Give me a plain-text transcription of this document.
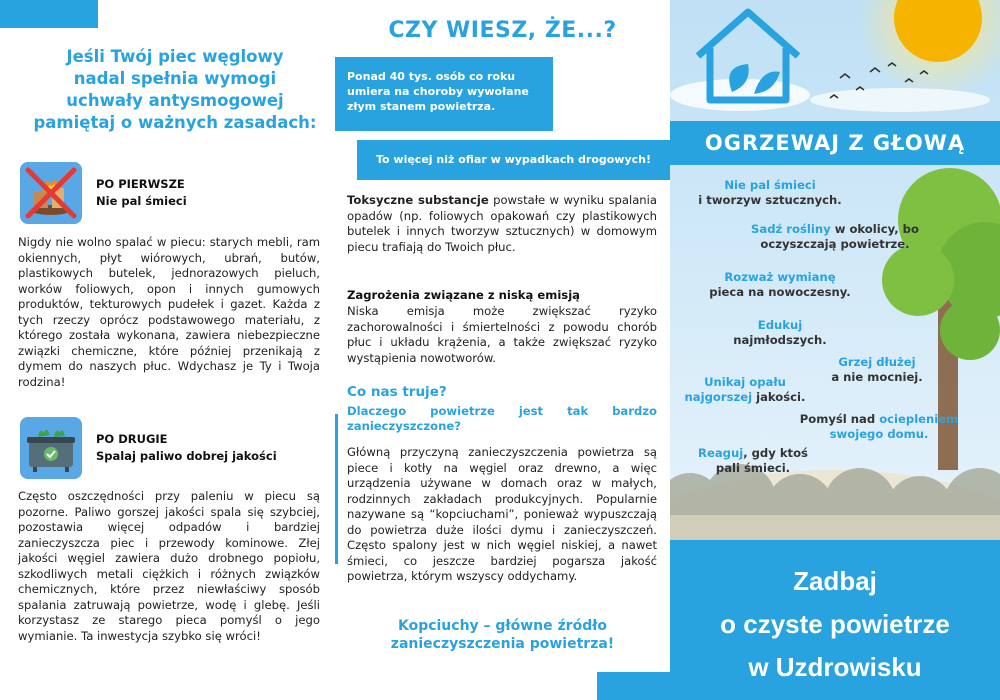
Jeśli Twój piec węglowy
nadal spełnia wymogi
uchwały antysmogowej
pamiętaj o ważnych zasadach:
PO PIERWSZE
Nie pal śmieci
Nigdy nie wolno spalać w piecu: starych mebli, ram okiennych, płyt wiórowych, ubrań, butów, plastikowych butelek, jednorazowych pieluch, worków foliowych, opon i innych gumowych produktów, tekturowych pudełek i gazet. Każda z tych rzeczy oprócz podstawowego materiału, z którego została wykonana, zawiera niebezpieczne związki chemiczne, które później przenikają z dymem do naszych płuc. Wdychasz je Ty i Twoja rodzina!
PO DRUGIE
Spalaj paliwo dobrej jakości
Często oszczędności przy paleniu w piecu są pozorne. Paliwo gorszej jakości spala się szybciej, pozostawia więcej odpadów i bardziej zanieczyszcza piec i przewody kominowe. Złej jakości węgiel zawiera dużo drobnego popiołu, szkodliwych metali ciężkich i różnych związków chemicznych, które przez niewłaściwy sposób spalania zatruwają powietrze, wodę i glebę. Jeśli korzystasz ze starego pieca pomyśl o jego wymianie. Ta inwestycja szybko się wróci!
CZY WIESZ, ŻE...?
Ponad 40 tys. osób co roku umiera na choroby wywołane złym stanem powietrza.
To więcej niż ofiar w wypadkach drogowych!
Toksyczne substancje powstałe w wyniku spalania opadów (np. foliowych opakowań czy plastikowych butelek i innych tworzyw sztucznych) w domowym piecu trafiają do Twoich płuc.
Zagrożenia związane z niską emisją
Niska emisja może zwiększać ryzyko zachorowalności i śmiertelności z powodu chorób płuc i układu krążenia, a także zwiększać ryzyko wystąpienia nowotworów.
Co nas truje?
Dlaczego powietrze jest tak bardzo zanieczyszczone?
Główną przyczyną zanieczyszczenia powietrza są piece i kotły na węgiel oraz drewno, a więc urządzenia używane w domach oraz w małych, rodzinnych zakładach produkcyjnych. Popularnie nazywane są “kopciuchami”, ponieważ wypuszczają do powietrza duże ilości dymu i zanieczyszczeń. Często spalony jest w nich węgiel niskiej, a nawet śmieci, co jeszcze bardziej pogarsza jakość powietrza, którym wszyscy oddychamy.
Kopciuchy – główne źródło
zanieczyszczenia powietrza!
OGRZEWAJ Z GŁOWĄ
Nie pal śmieci
i tworzyw sztucznych.
Sadź rośliny w okolicy, bo oczyszczają powietrze.
Rozważ wymianę
pieca na nowoczesny.
Edukuj
najmłodszych.
Grzej dłużej
a nie mocniej.
Unikaj opału najgorszej jakości.
Pomyśl nad ociepleniem swojego domu.
Reaguj, gdy ktoś pali śmieci.
Zadbaj
o czyste powietrze
w Uzdrowisku
